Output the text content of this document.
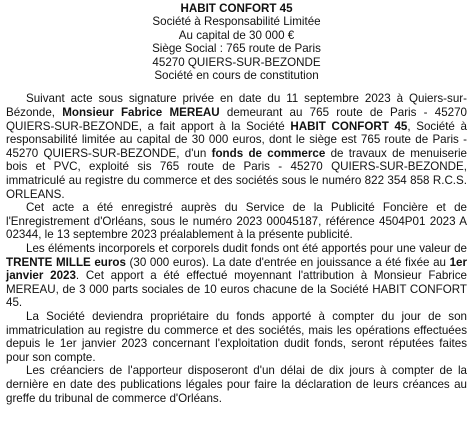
HABIT CONFORT 45
Société à Responsabilité Limitée
Au capital de 30 000 €
Siège Social : 765 route de Paris
45270 QUIERS-SUR-BEZONDE
Société en cours de constitution

Suivant acte sous signature privée en date du 11 septembre 2023 à Quiers-sur-Bézonde, Monsieur Fabrice MEREAU demeurant au 765 route de Paris - 45270 QUIERS-SUR-BEZONDE, a fait apport à la Société HABIT CONFORT 45, Société à responsabilité limitée au capital de 30 000 euros, dont le siège est 765 route de Paris - 45270 QUIERS-SUR-BEZONDE, d'un fonds de commerce de travaux de menuiserie bois et PVC, exploité sis 765 route de Paris - 45270 QUIERS-SUR-BEZONDE, immatriculé au registre du commerce et des sociétés sous le numéro 822 354 858 R.C.S. ORLEANS.

Cet acte a été enregistré auprès du Service de la Publicité Foncière et de l'Enregistrement d'Orléans, sous le numéro 2023 00045187, référence 4504P01 2023 A 02344, le 13 septembre 2023 préalablement à la présente publicité.

Les éléments incorporels et corporels dudit fonds ont été apportés pour une valeur de TRENTE MILLE euros (30 000 euros). La date d'entrée en jouissance a été fixée au 1er janvier 2023. Cet apport a été effectué moyennant l'attribution à Monsieur Fabrice MEREAU, de 3 000 parts sociales de 10 euros chacune de la Société HABIT CONFORT 45.

La Société deviendra propriétaire du fonds apporté à compter du jour de son immatriculation au registre du commerce et des sociétés, mais les opérations effectuées depuis le 1er janvier 2023 concernant l'exploitation dudit fonds, seront réputées faites pour son compte.

Les créanciers de l'apporteur disposeront d'un délai de dix jours à compter de la dernière en date des publications légales pour faire la déclaration de leurs créances au greffe du tribunal de commerce d'Orléans.
